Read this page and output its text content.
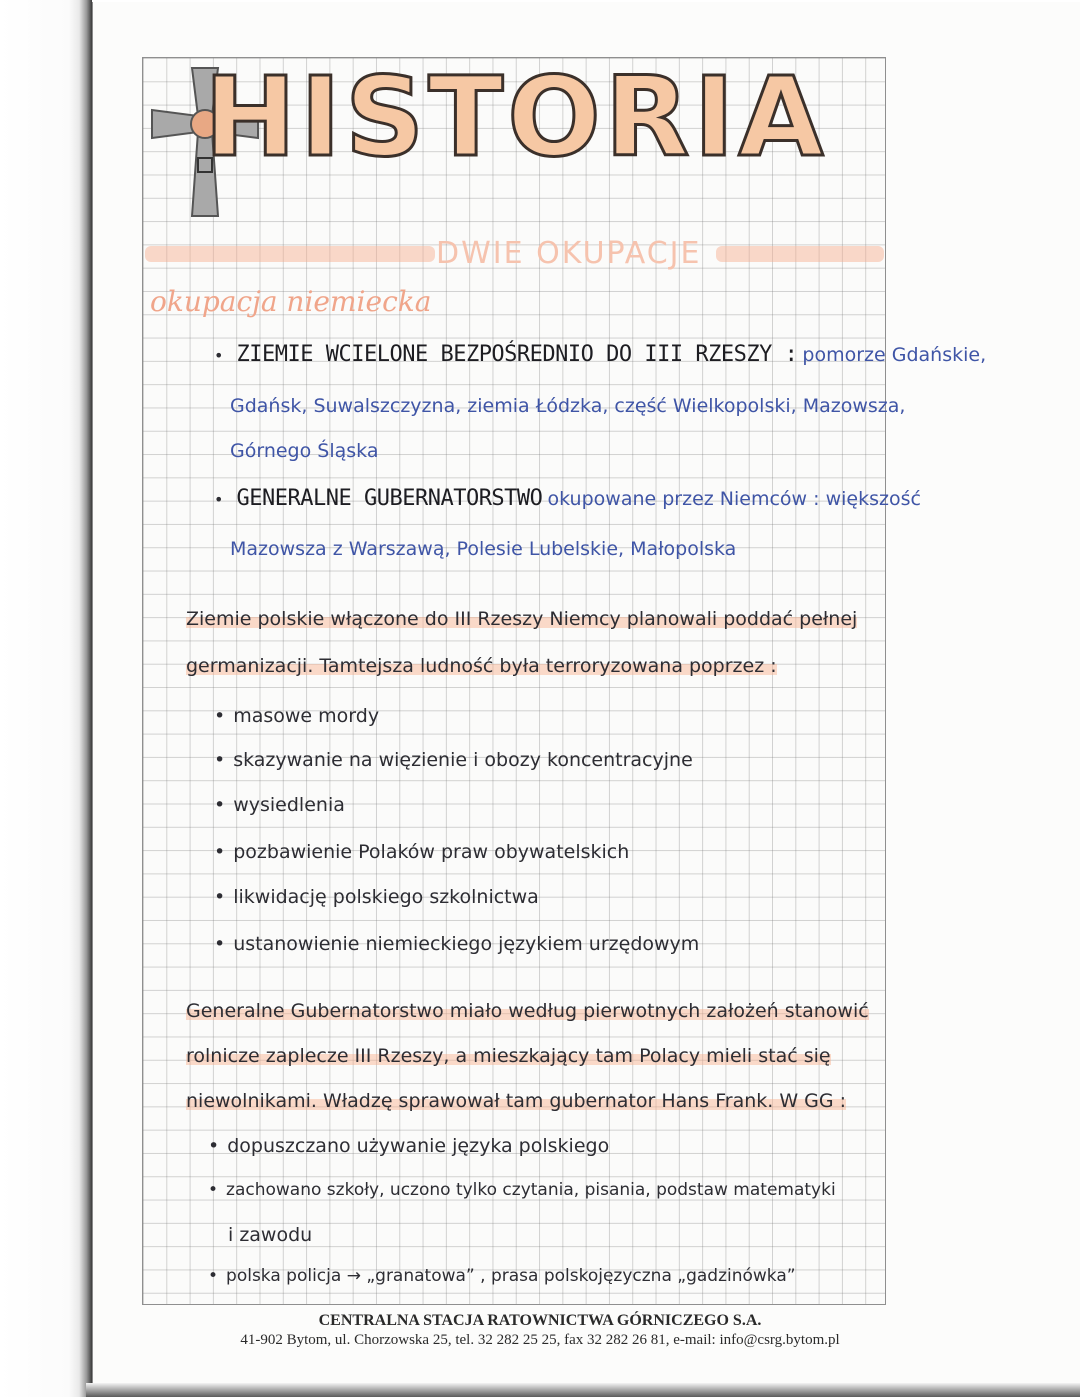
HISTORIA
DWIE OKUPACJE
okupacja niemiecka
• ZIEMIE WCIELONE BEZPOŚREDNIO DO III RZESZY : pomorze Gdańskie,
Gdańsk, Suwalszczyzna, ziemia Łódzka, część Wielkopolski, Mazowsza,
Górnego Śląska
• GENERALNE GUBERNATORSTWO okupowane przez Niemców : większość
Mazowsza z Warszawą, Polesie Lubelskie, Małopolska
Ziemie polskie włączone do III Rzeszy Niemcy planowali poddać pełnej
germanizacji. Tamtejsza ludność była terroryzowana poprzez :
• masowe mordy
• skazywanie na więzienie i obozy koncentracyjne
• wysiedlenia
• pozbawienie Polaków praw obywatelskich
• likwidację polskiego szkolnictwa
• ustanowienie niemieckiego językiem urzędowym
Generalne Gubernatorstwo miało według pierwotnych założeń stanowić
rolnicze zaplecze III Rzeszy, a mieszkający tam Polacy mieli stać się
niewolnikami. Władzę sprawował tam gubernator Hans Frank. W GG :
• dopuszczano używanie języka polskiego
• zachowano szkoły, uczono tylko czytania, pisania, podstaw matematyki
i zawodu
• polska policja → „granatowa” , prasa polskojęzyczna „gadzinówka”
CENTRALNA STACJA RATOWNICTWA GÓRNICZEGO S.A.
41-902 Bytom, ul. Chorzowska 25, tel. 32 282 25 25, fax 32 282 26 81, e-mail: info@csrg.bytom.pl
